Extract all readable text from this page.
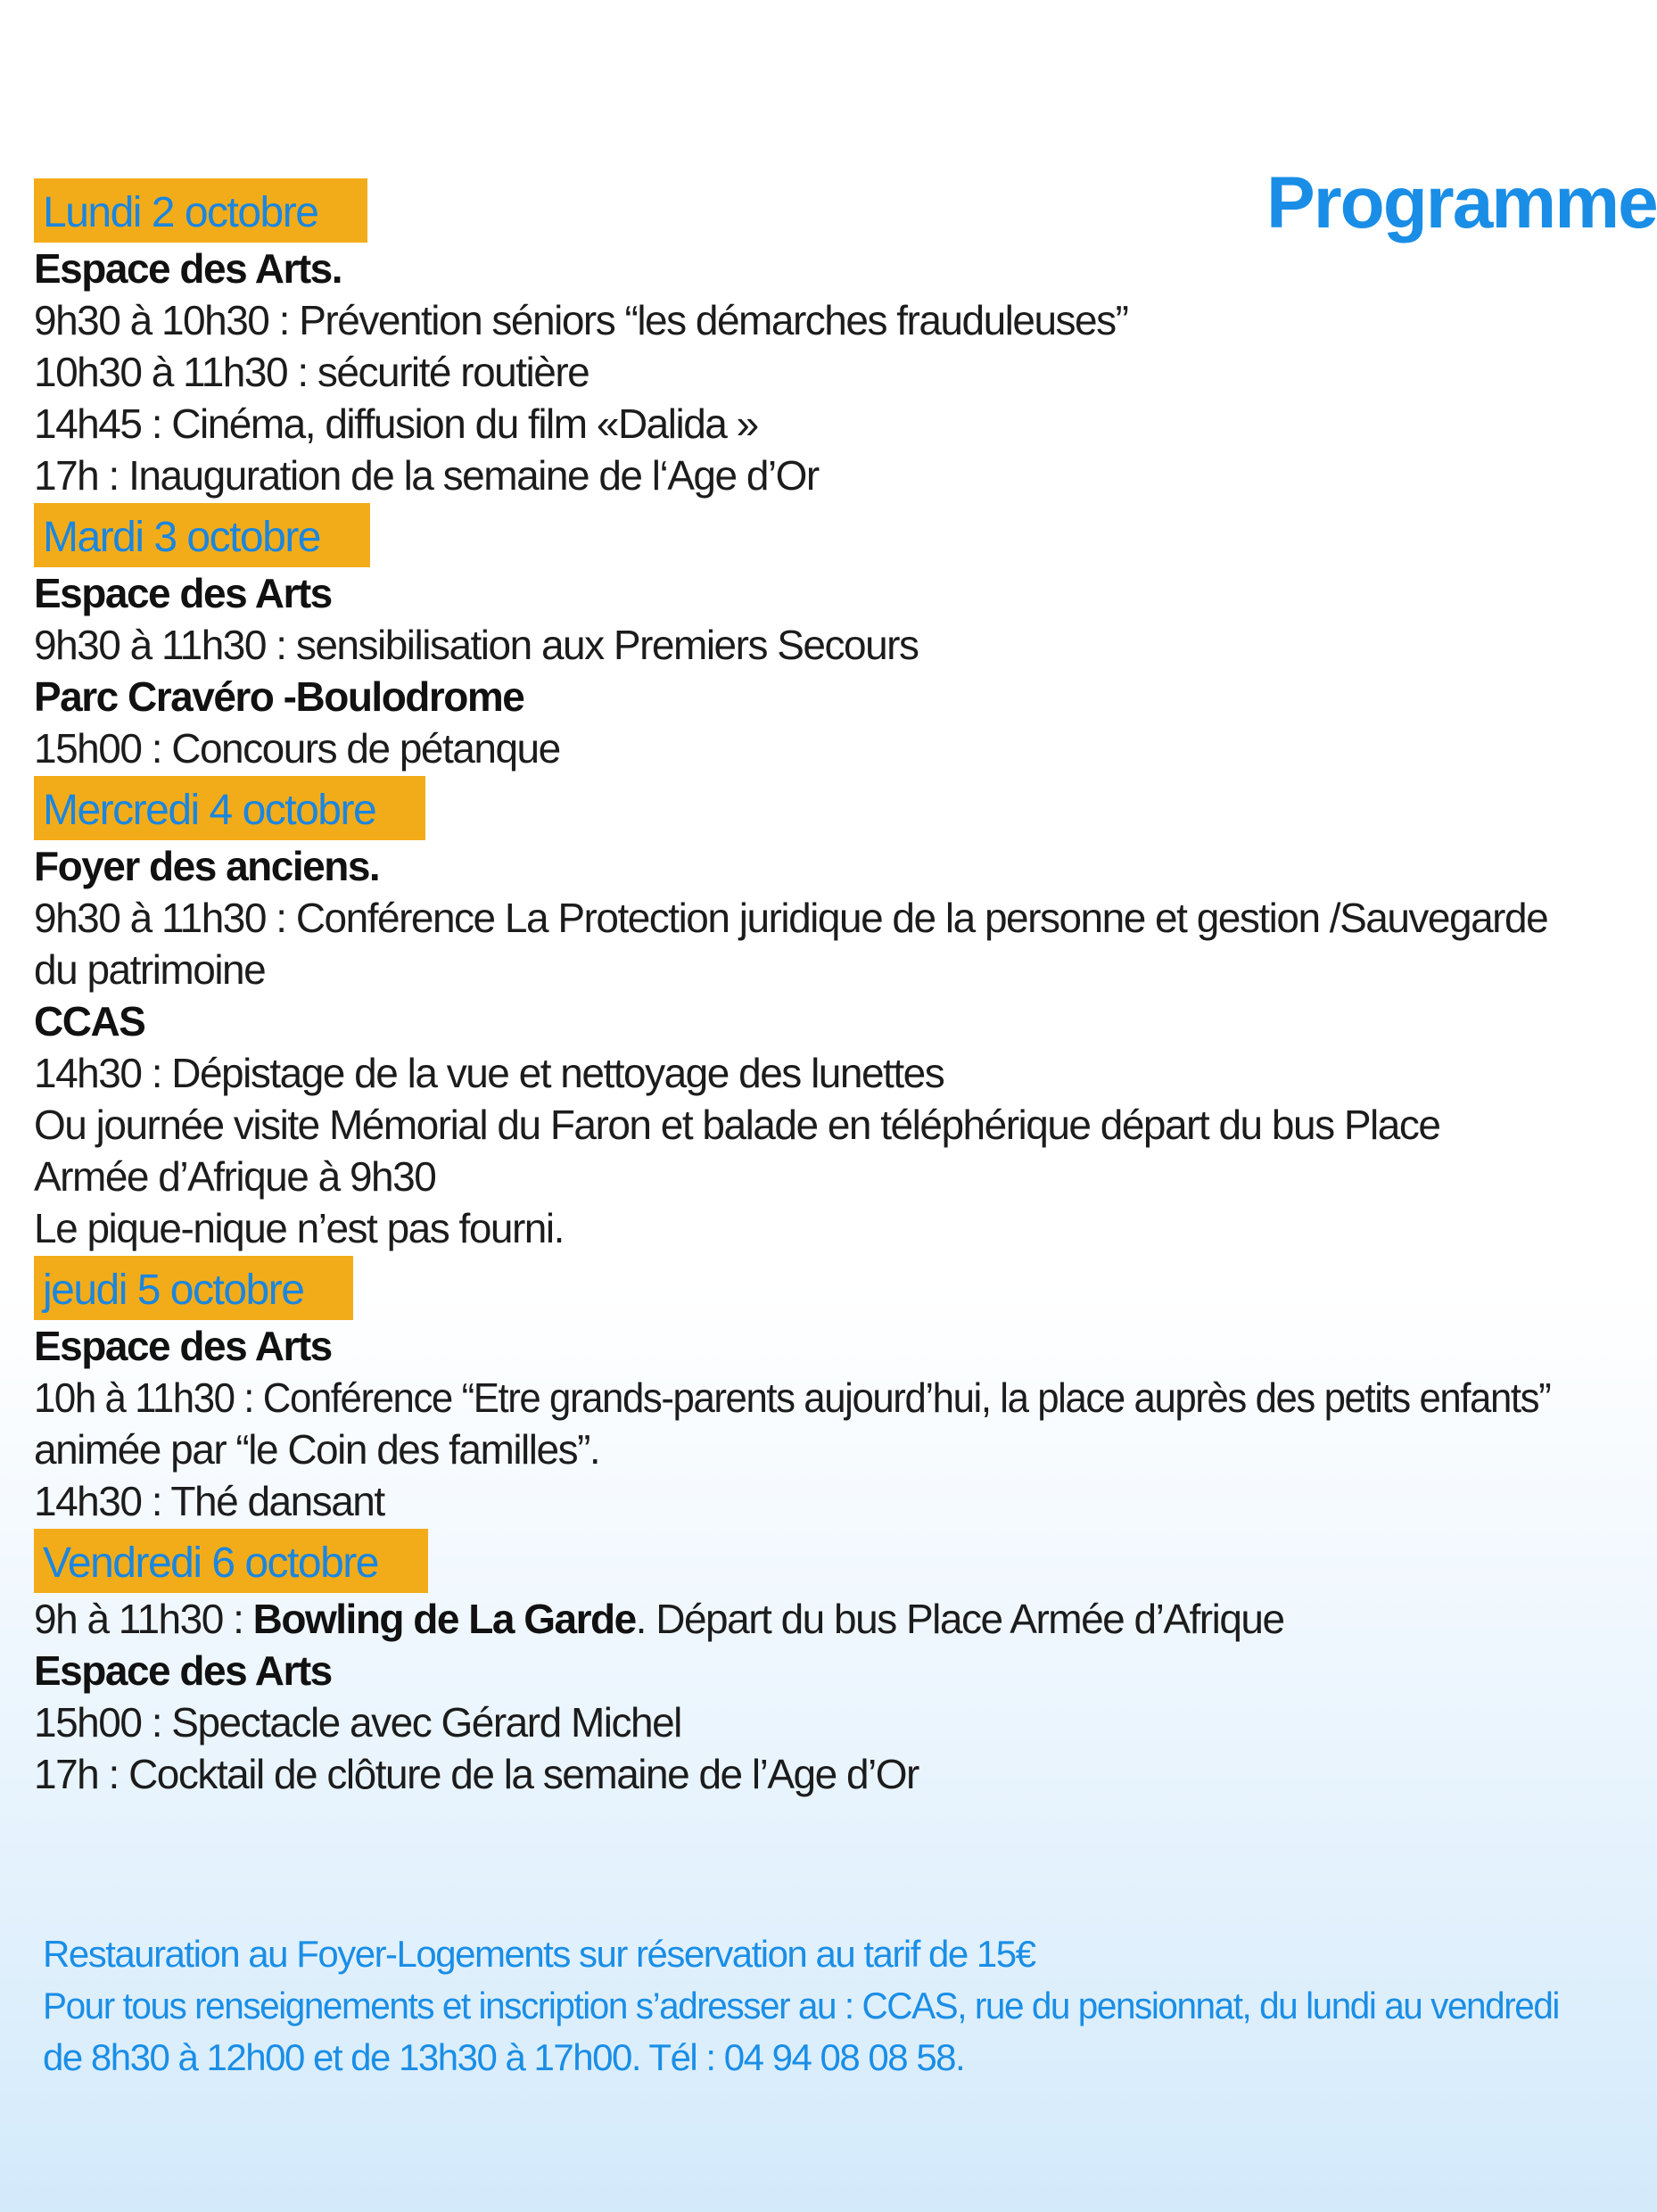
Programme
Lundi 2 octobre
Espace des Arts.
9h30 à 10h30 : Prévention séniors “les démarches frauduleuses”
10h30 à 11h30 : sécurité routière
14h45 : Cinéma, diffusion du film «Dalida »
17h : Inauguration de la semaine de l‘Age d’Or
Mardi 3 octobre
Espace des Arts
9h30 à 11h30 : sensibilisation aux Premiers Secours
Parc Cravéro -Boulodrome
15h00 : Concours de pétanque
Mercredi 4 octobre
Foyer des anciens.
9h30 à 11h30 : Conférence La Protection juridique de la personne et gestion /Sauvegarde
du patrimoine
CCAS
14h30 : Dépistage de la vue et nettoyage des lunettes
Ou journée visite Mémorial du Faron et balade en téléphérique départ du bus Place
Armée d’Afrique à 9h30
Le pique-nique n’est pas fourni.
jeudi 5 octobre
Espace des Arts
10h à 11h30 : Conférence “Etre grands-parents aujourd’hui, la place auprès des petits enfants”
animée par “le Coin des familles”.
14h30 : Thé dansant
Vendredi 6 octobre
9h à 11h30 : Bowling de La Garde. Départ du bus Place Armée d’Afrique
Espace des Arts
15h00 : Spectacle avec Gérard Michel
17h : Cocktail de clôture de la semaine de l’Age d’Or
Restauration au Foyer-Logements sur réservation au tarif de 15€
Pour tous renseignements et inscription s’adresser au : CCAS, rue du pensionnat, du lundi au vendredi
de 8h30 à 12h00 et de 13h30 à 17h00. Tél : 04 94 08 08 58.
